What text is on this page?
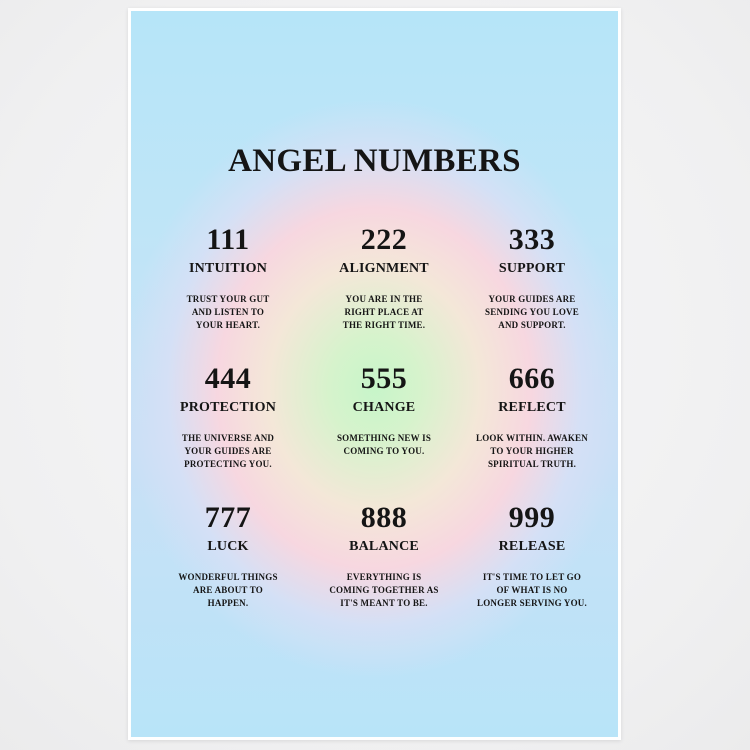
ANGEL NUMBERS
111
INTUITION
TRUST YOUR GUT
AND LISTEN TO
YOUR HEART.
222
ALIGNMENT
YOU ARE IN THE
RIGHT PLACE AT
THE RIGHT TIME.
333
SUPPORT
YOUR GUIDES ARE
SENDING YOU LOVE
AND SUPPORT.
444
PROTECTION
THE UNIVERSE AND
YOUR GUIDES ARE
PROTECTING YOU.
555
CHANGE
SOMETHING NEW IS
COMING TO YOU.
666
REFLECT
LOOK WITHIN. AWAKEN
TO YOUR HIGHER
SPIRITUAL TRUTH.
777
LUCK
WONDERFUL THINGS
ARE ABOUT TO
HAPPEN.
888
BALANCE
EVERYTHING IS
COMING TOGETHER AS
IT'S MEANT TO BE.
999
RELEASE
IT'S TIME TO LET GO
OF WHAT IS NO
LONGER SERVING YOU.
